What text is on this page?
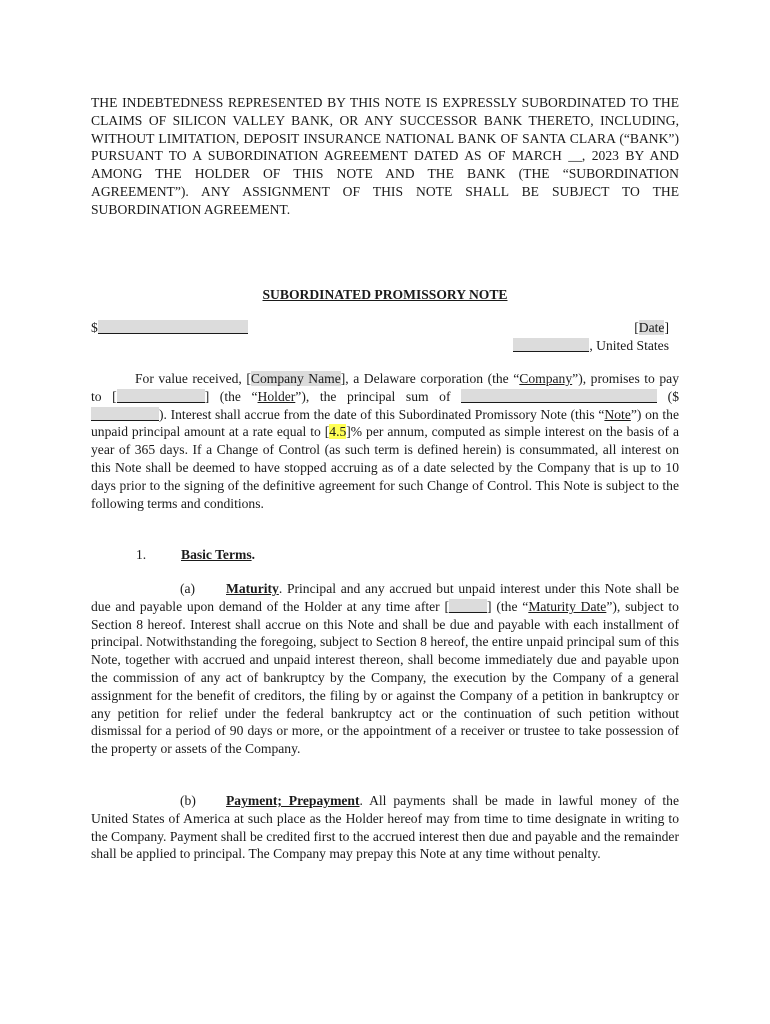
THE INDEBTEDNESS REPRESENTED BY THIS NOTE IS EXPRESSLY SUBORDINATED TO THE CLAIMS OF SILICON VALLEY BANK, OR ANY SUCCESSOR BANK THERETO, INCLUDING, WITHOUT LIMITATION, DEPOSIT INSURANCE NATIONAL BANK OF SANTA CLARA (“BANK”) PURSUANT TO A SUBORDINATION AGREEMENT DATED AS OF MARCH __, 2023 BY AND AMONG THE HOLDER OF THIS NOTE AND THE BANK (THE “SUBORDINATION AGREEMENT”). ANY ASSIGNMENT OF THIS NOTE SHALL BE SUBJECT TO THE SUBORDINATION AGREEMENT.

SUBORDINATED PROMISSORY NOTE
$	[Date]
, United States

For value received, [Company Name], a Delaware corporation (the “Company”), promises to pay to [	] (the “Holder”), the principal sum of	($). Interest shall accrue from the date of this Subordinated Promissory Note (this “Note”) on the unpaid principal amount at a rate equal to [4.5]% per annum, computed as simple interest on the basis of a year of 365 days. If a Change of Control (as such term is defined herein) is consummated, all interest on this Note shall be deemed to have stopped accruing as of a date selected by the Company that is up to 10 days prior to the signing of the definitive agreement for such Change of Control. This Note is subject to the following terms and conditions.

1.	Basic Terms.

(a) Maturity. Principal and any accrued but unpaid interest under this Note shall be due and payable upon demand of the Holder at any time after [	] (the “Maturity Date”), subject to Section 8 hereof. Interest shall accrue on this Note and shall be due and payable with each installment of principal. Notwithstanding the foregoing, subject to Section 8 hereof, the entire unpaid principal sum of this Note, together with accrued and unpaid interest thereon, shall become immediately due and payable upon the commission of any act of bankruptcy by the Company, the execution by the Company of a general assignment for the benefit of creditors, the filing by or against the Company of a petition in bankruptcy or any petition for relief under the federal bankruptcy act or the continuation of such petition without dismissal for a period of 90 days or more, or the appointment of a receiver or trustee to take possession of the property or assets of the Company.

(b) Payment; Prepayment. All payments shall be made in lawful money of the United States of America at such place as the Holder hereof may from time to time designate in writing to the Company. Payment shall be credited first to the accrued interest then due and payable and the remainder shall be applied to principal. The Company may prepay this Note at any time without penalty.
